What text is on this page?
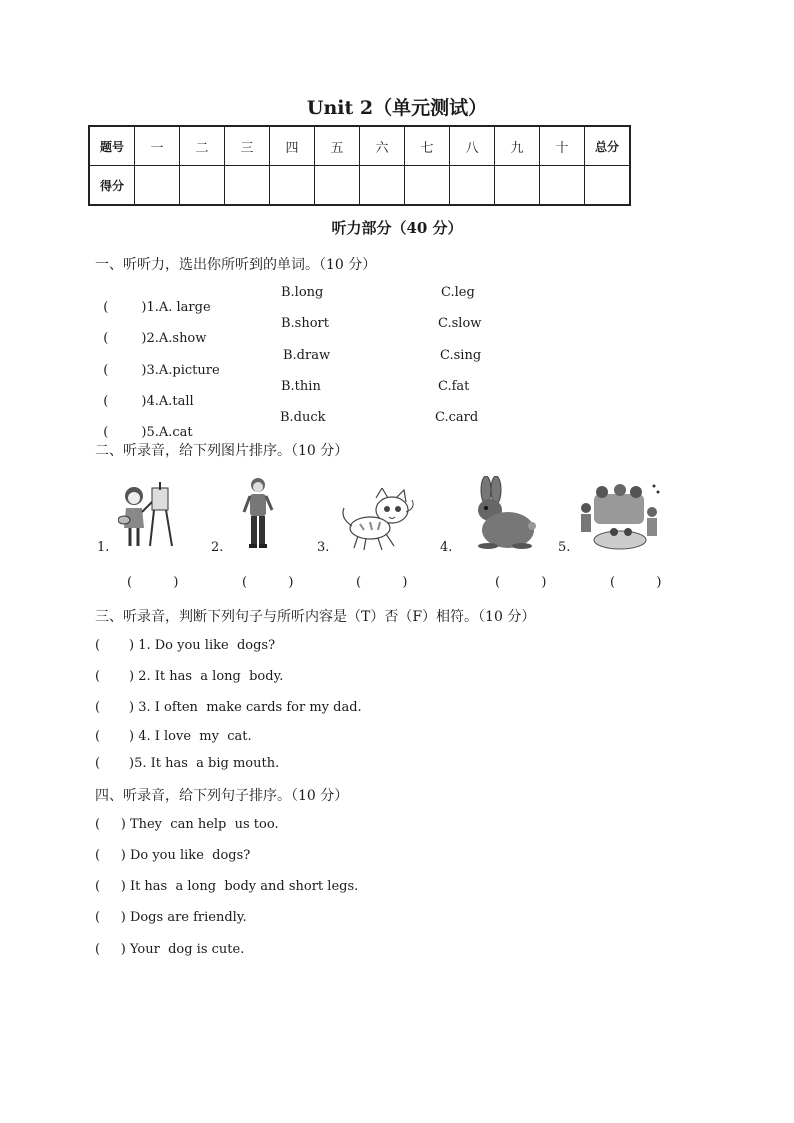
Unit 2（单元测试）
题号	一	二	三	四	五	六	七	八	九	十	总分
得分											
听力部分（40 分）
一、听听力，选出你所听到的单词。（10 分）

(        )1.A. large

B.long

	C.leg

(        )2.A.show

B.short

	C.slow

(        )3.A.picture

B.draw

	C.sing

(        )4.A.tall

B.thin

	C.fat

(        )5.A.cat

B.duck

	C.card

二、听录音，给下列图片排序。（10 分）
1.	2.	3.	4.	5.
(          )	(          )	(          )	(          )	(          )
三、听录音，判断下列句子与所听内容是（T）否（F）相符。（10 分）
(       ) 1. Do you like  dogs?
(       ) 2. It has  a long  body.
(       ) 3. I often  make cards for my dad.
(       ) 4. I love  my  cat.
(       )5. It has  a big mouth.
四、听录音，给下列句子排序。（10 分）
(     ) They  can help  us too.
(     ) Do you like  dogs?
(     ) It has  a long  body and short legs.
(     ) Dogs are friendly.
(     ) Your  dog is cute.
